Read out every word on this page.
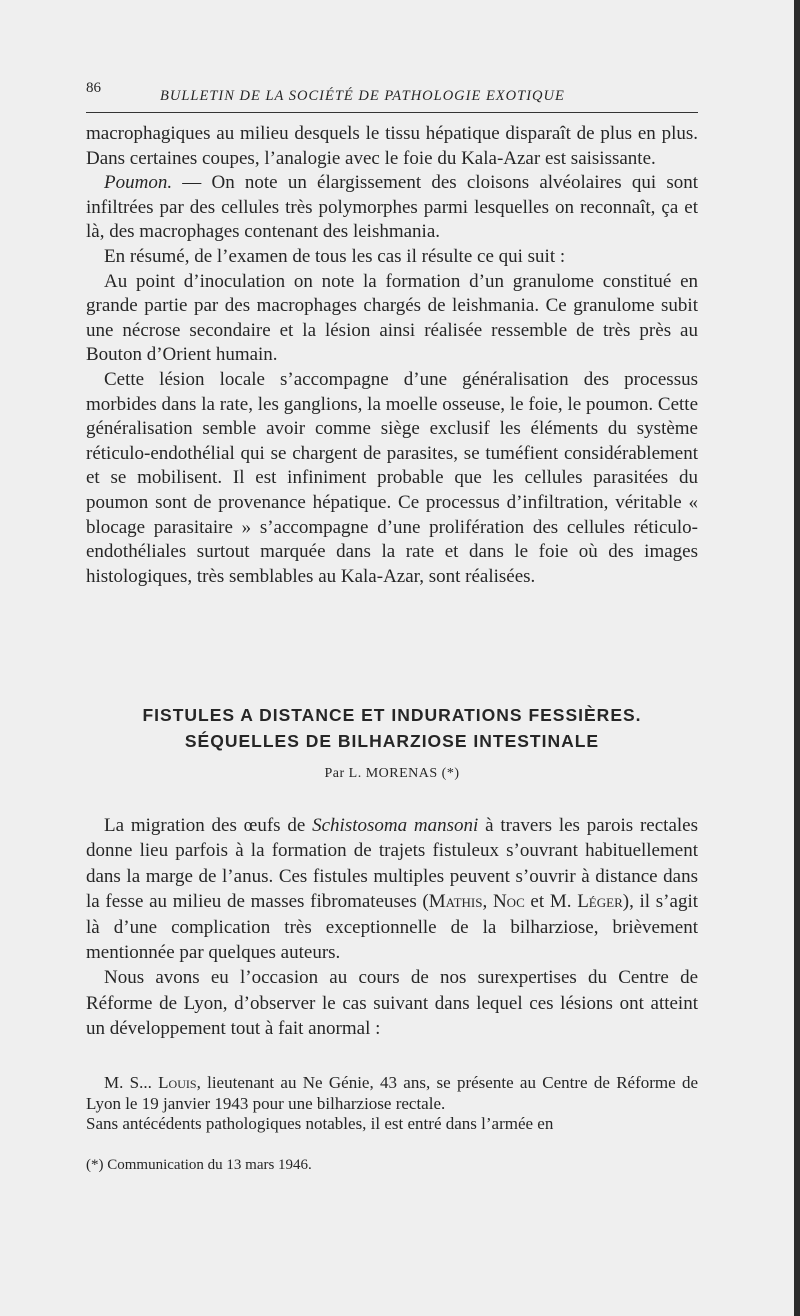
86	BULLETIN DE LA SOCIÉTÉ DE PATHOLOGIE EXOTIQUE

macrophagiques au milieu desquels le tissu hépatique disparaît de plus en plus. Dans certaines coupes, l’analogie avec le foie du Kala-Azar est saisissante.

Poumon. — On note un élargissement des cloisons alvéolaires qui sont infiltrées par des cellules très polymorphes parmi lesquelles on reconnaît, ça et là, des macrophages contenant des leishmania.

En résumé, de l’examen de tous les cas il résulte ce qui suit :

Au point d’inoculation on note la formation d’un granulome constitué en grande partie par des macrophages chargés de leishmania. Ce granulome subit une nécrose secondaire et la lésion ainsi réalisée ressemble de très près au Bouton d’Orient humain.

Cette lésion locale s’accompagne d’une généralisation des processus morbides dans la rate, les ganglions, la moelle osseuse, le foie, le poumon. Cette généralisation semble avoir comme siège exclusif les éléments du système réticulo-endothélial qui se chargent de parasites, se tuméfient considérablement et se mobilisent. Il est infiniment probable que les cellules parasitées du poumon sont de provenance hépatique. Ce processus d’infiltration, véritable « blocage parasitaire » s’accompagne d’une prolifération des cellules réticulo-endothéliales surtout marquée dans la rate et dans le foie où des images histologiques, très semblables au Kala-Azar, sont réalisées.

FISTULES A DISTANCE ET INDURATIONS FESSIÈRES.
SÉQUELLES DE BILHARZIOSE INTESTINALE
Par L. MORENAS (*)

La migration des œufs de Schistosoma mansoni à travers les parois rectales donne lieu parfois à la formation de trajets fistuleux s’ouvrant habituellement dans la marge de l’anus. Ces fistules multiples peuvent s’ouvrir à distance dans la fesse au milieu de masses fibromateuses (Mathis, Noc et M. Léger), il s’agit là d’une complication très exceptionnelle de la bilharziose, brièvement mentionnée par quelques auteurs.

Nous avons eu l’occasion au cours de nos surexpertises du Centre de Réforme de Lyon, d’observer le cas suivant dans lequel ces lésions ont atteint un développement tout à fait anormal :

M. S... Louis, lieutenant au Ne Génie, 43 ans, se présente au Centre de Réforme de Lyon le 19 janvier 1943 pour une bilharziose rectale.

Sans antécédents pathologiques notables, il est entré dans l’armée en

(*) Communication du 13 mars 1946.
